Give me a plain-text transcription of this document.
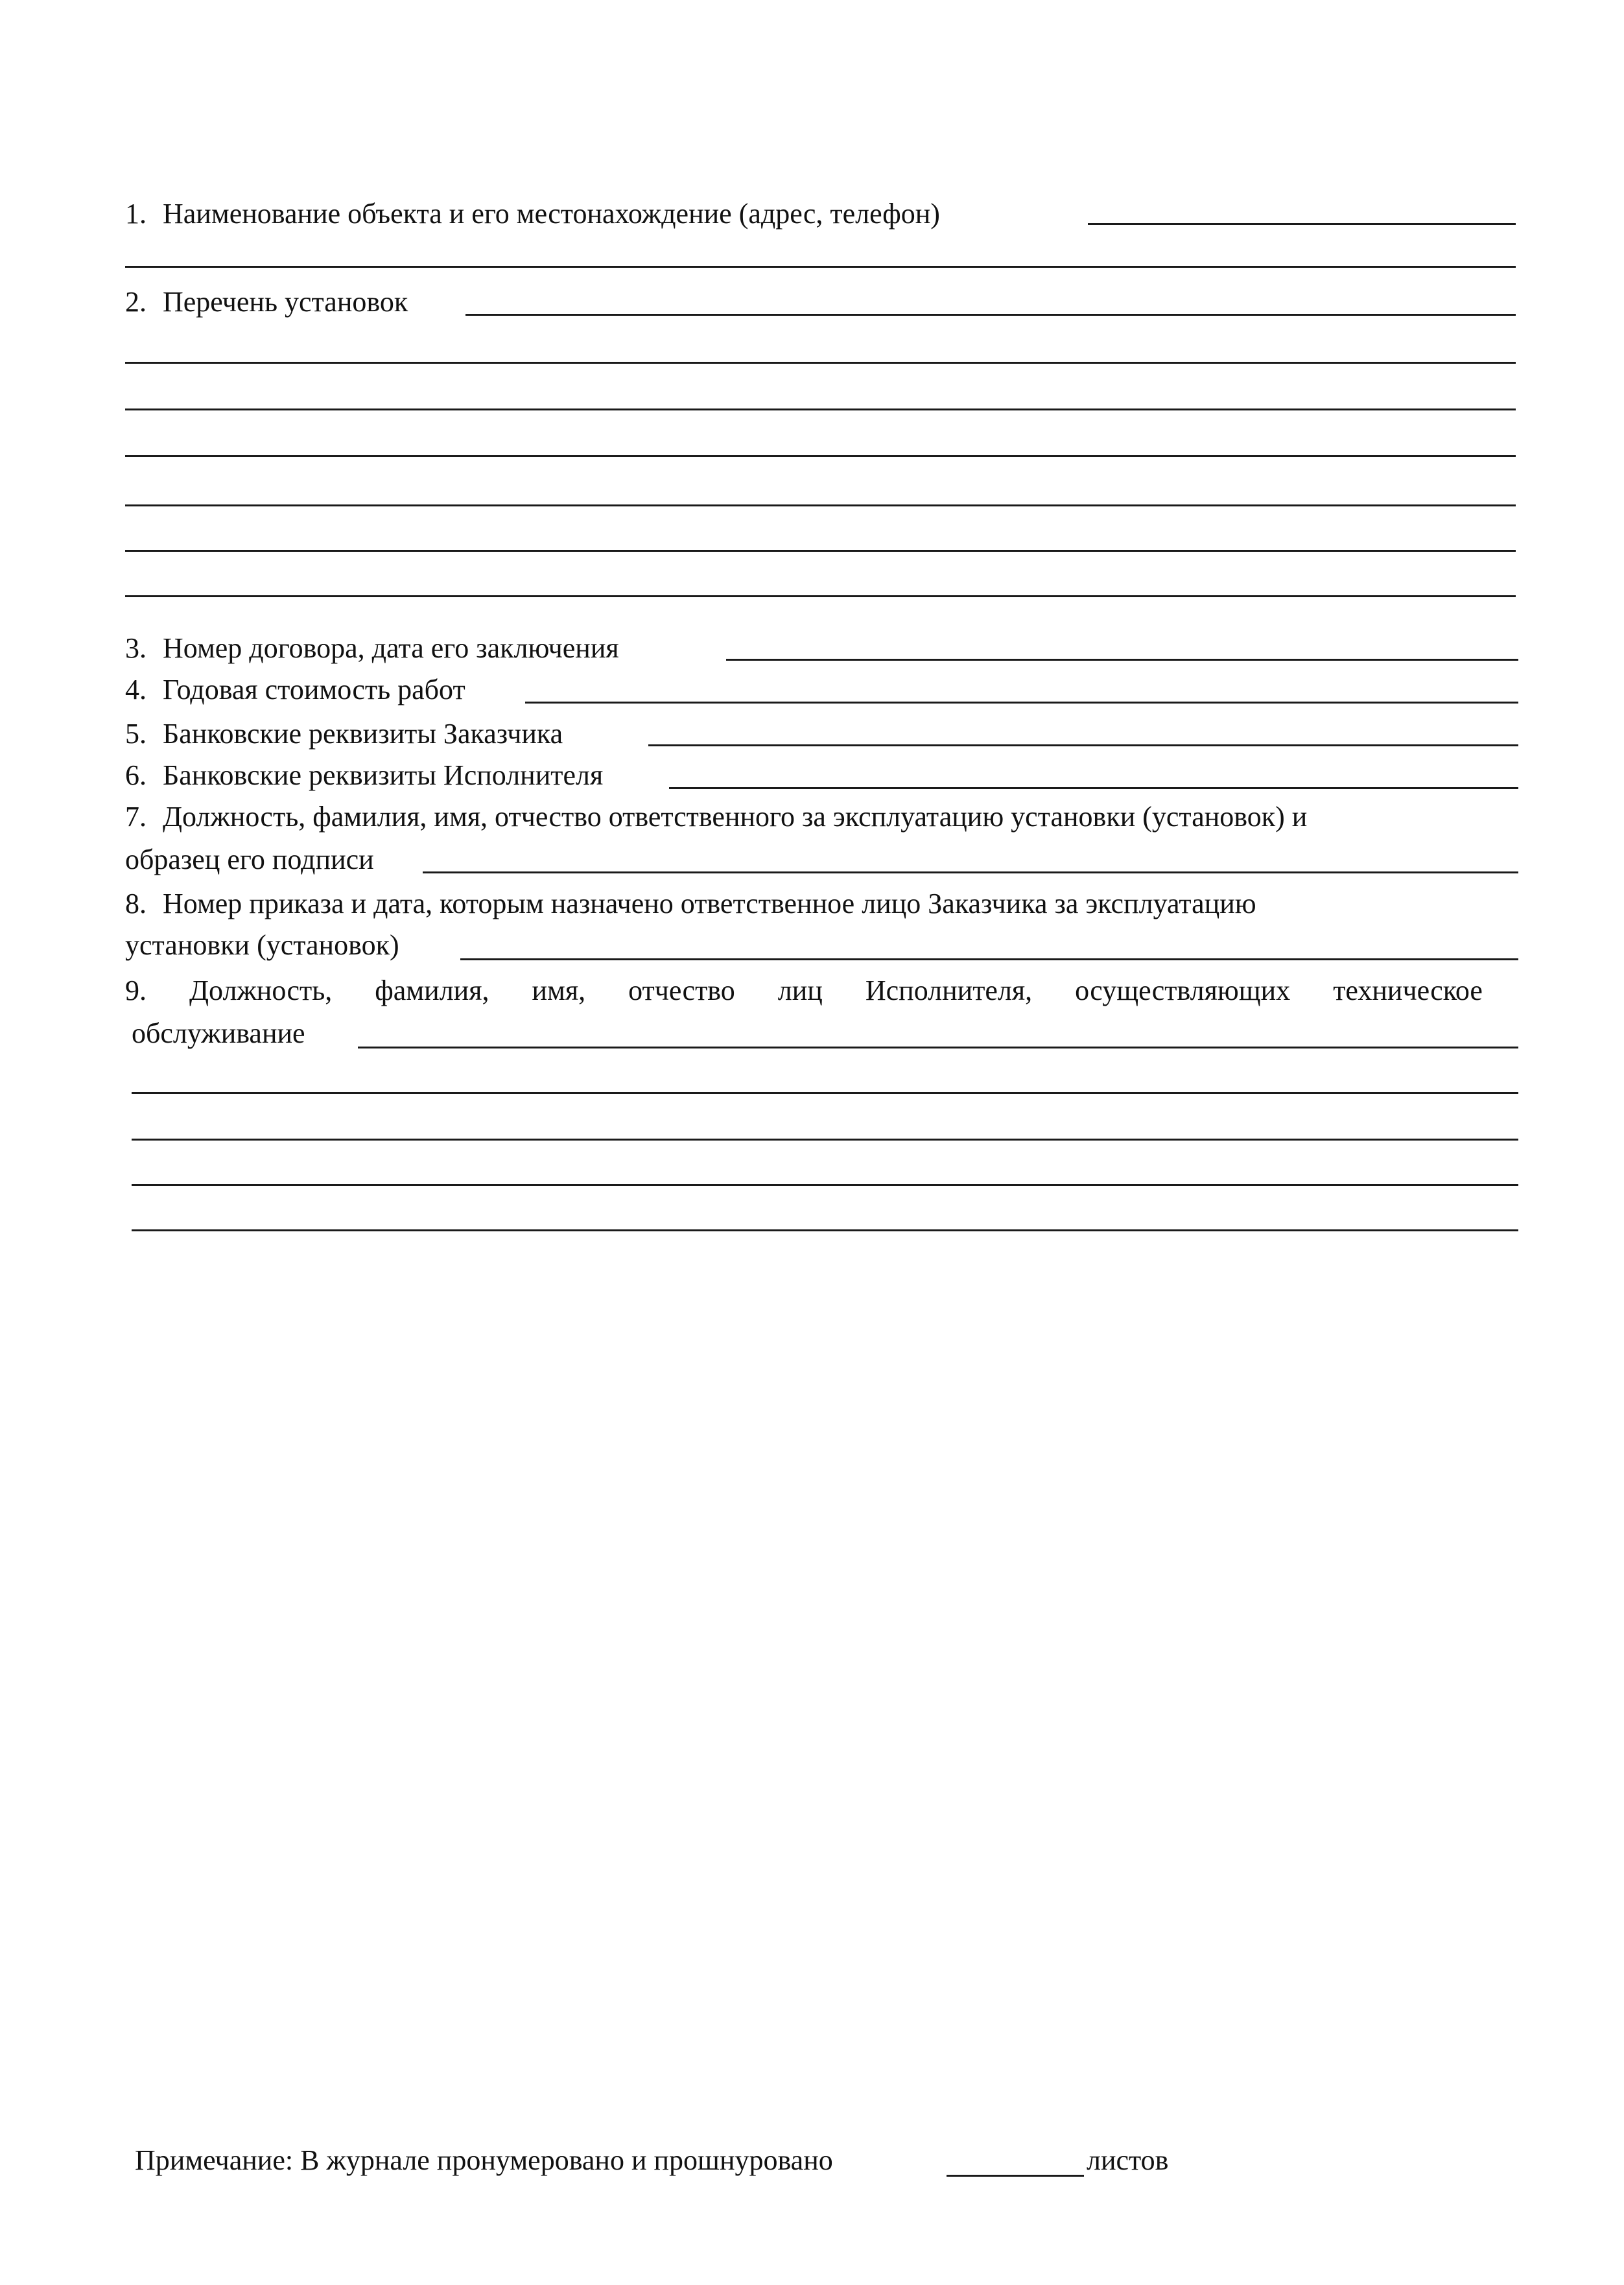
1. Наименование объекта и его местонахождение (адрес, телефон)
2. Перечень установок
3. Номер договора, дата его заключения
4. Годовая стоимость работ
5. Банковские реквизиты Заказчика
6. Банковские реквизиты Исполнителя
7. Должность, фамилия, имя, отчество ответственного за эксплуатацию установки (установок) и
образец его подписи
8. Номер приказа и дата, которым назначено ответственное лицо Заказчика за эксплуатацию
установки (установок)
9. Должность, фамилия, имя, отчество лиц Исполнителя, осуществляющих техническое
обслуживание
Примечание: В журнале пронумеровано и прошнуровано	листов
